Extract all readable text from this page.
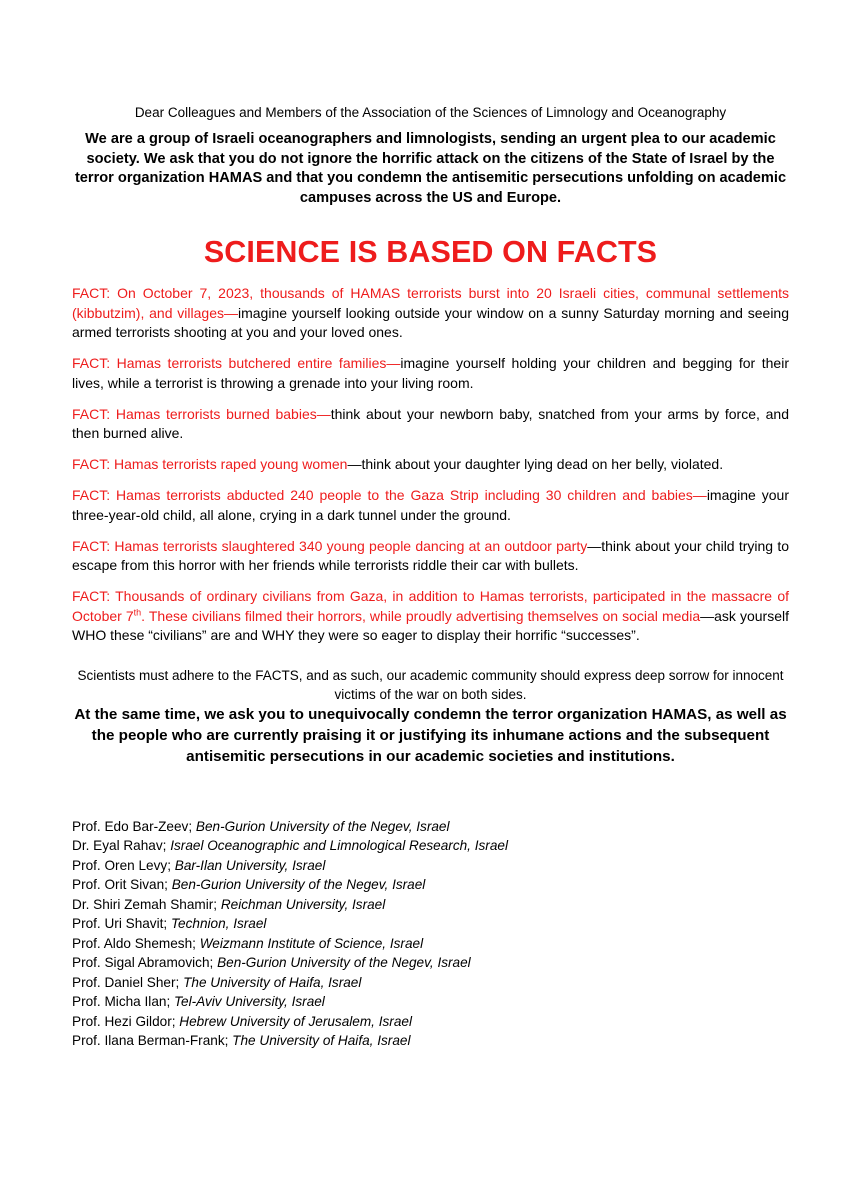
Dear Colleagues and Members of the Association of the Sciences of Limnology and Oceanography

We are a group of Israeli oceanographers and limnologists, sending an urgent plea to our academic society. We ask that you do not ignore the horrific attack on the citizens of the State of Israel by the terror organization HAMAS and that you condemn the antisemitic persecutions unfolding on academic campuses across the US and Europe.

SCIENCE IS BASED ON FACTS

FACT: On October 7, 2023, thousands of HAMAS terrorists burst into 20 Israeli cities, communal settlements (kibbutzim), and villages—imagine yourself looking outside your window on a sunny Saturday morning and seeing armed terrorists shooting at you and your loved ones.

FACT: Hamas terrorists butchered entire families—imagine yourself holding your children and begging for their lives, while a terrorist is throwing a grenade into your living room.

FACT: Hamas terrorists burned babies—think about your newborn baby, snatched from your arms by force, and then burned alive.

FACT: Hamas terrorists raped young women—think about your daughter lying dead on her belly, violated.

FACT: Hamas terrorists abducted 240 people to the Gaza Strip including 30 children and babies—imagine your three-year-old child, all alone, crying in a dark tunnel under the ground.

FACT: Hamas terrorists slaughtered 340 young people dancing at an outdoor party—think about your child trying to escape from this horror with her friends while terrorists riddle their car with bullets.

FACT: Thousands of ordinary civilians from Gaza, in addition to Hamas terrorists, participated in the massacre of October 7th. These civilians filmed their horrors, while proudly advertising themselves on social media—ask yourself WHO these “civilians” are and WHY they were so eager to display their horrific “successes”.

Scientists must adhere to the FACTS, and as such, our academic community should express deep sorrow for innocent victims of the war on both sides.

At the same time, we ask you to unequivocally condemn the terror organization HAMAS, as well as the people who are currently praising it or justifying its inhumane actions and the subsequent antisemitic persecutions in our academic societies and institutions.

Prof. Edo Bar-Zeev; Ben-Gurion University of the Negev, Israel
Dr. Eyal Rahav; Israel Oceanographic and Limnological Research, Israel
Prof. Oren Levy; Bar-Ilan University, Israel
Prof. Orit Sivan; Ben-Gurion University of the Negev, Israel
Dr. Shiri Zemah Shamir; Reichman University, Israel
Prof. Uri Shavit; Technion, Israel
Prof. Aldo Shemesh; Weizmann Institute of Science, Israel
Prof. Sigal Abramovich; Ben-Gurion University of the Negev, Israel
Prof. Daniel Sher; The University of Haifa, Israel
Prof. Micha Ilan; Tel-Aviv University, Israel
Prof. Hezi Gildor; Hebrew University of Jerusalem, Israel
Prof. Ilana Berman-Frank; The University of Haifa, Israel
